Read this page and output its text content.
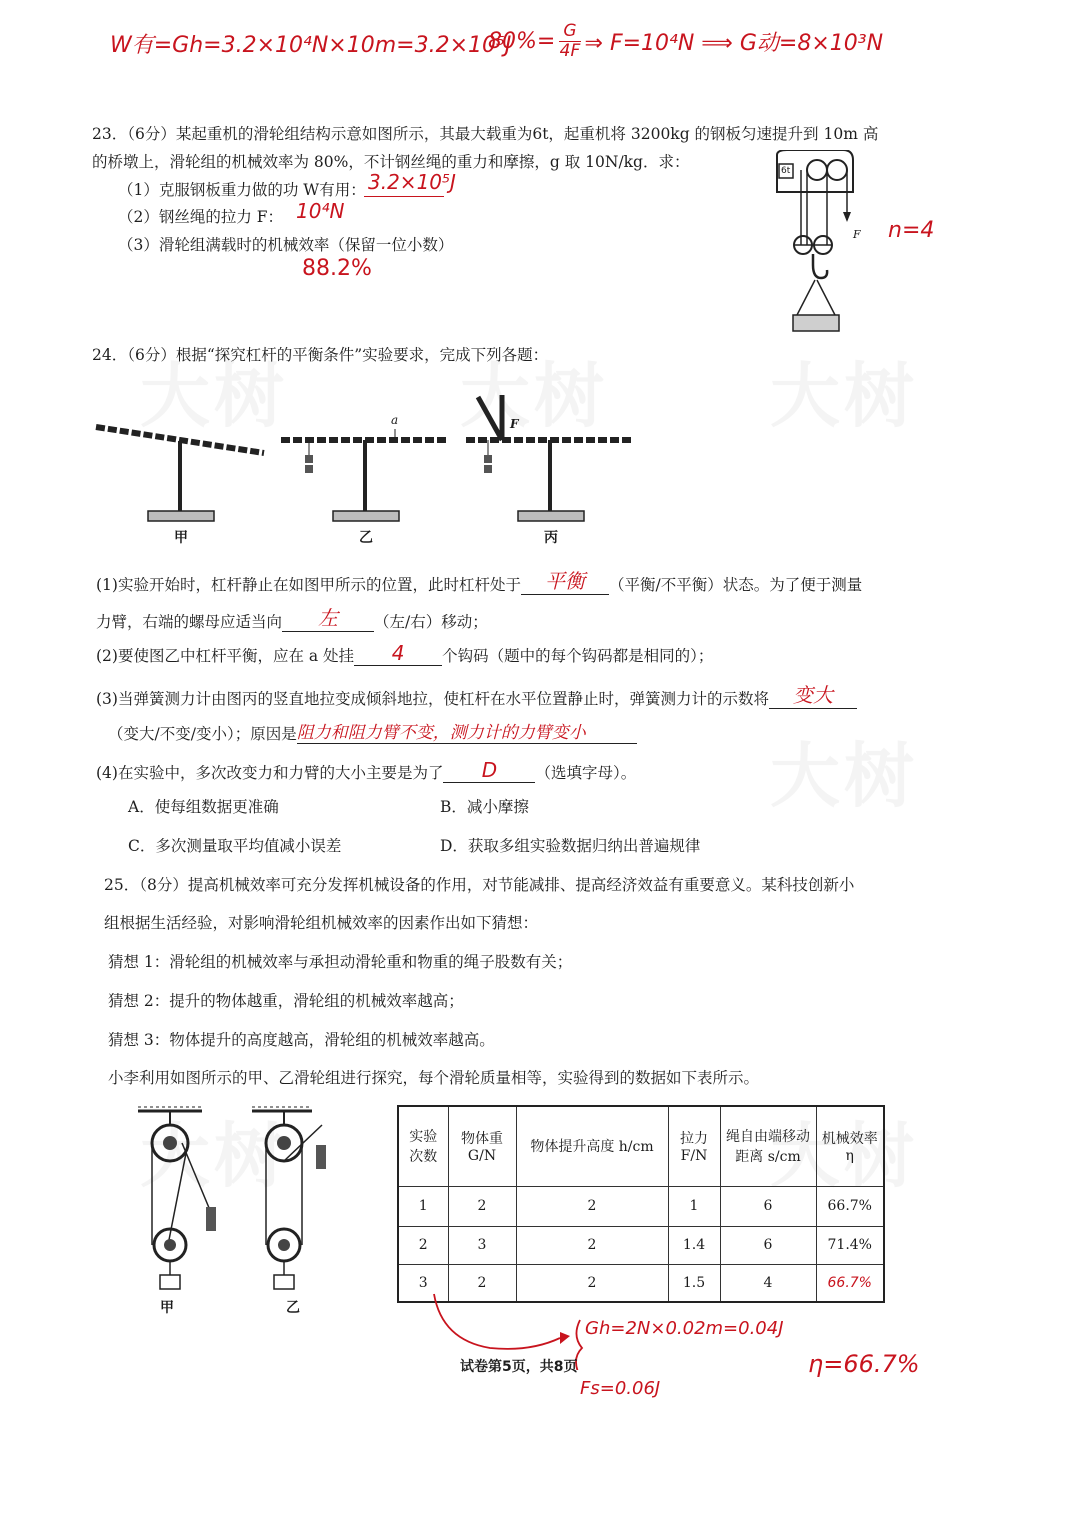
W有=Gh=3.2×10⁴N×10m=3.2×10⁵J
$80\%= \frac{G}{4F}$ ⇒ F=10⁴N ⟹ G动=8×10³N
23．（6分）某起重机的滑轮组结构示意如图所示，其最大载重为6t，起重机将 3200kg 的钢板匀速提升到 10m 高
的桥墩上，滑轮组的机械效率为 80%，不计钢丝绳的重力和摩擦，g 取 10N/kg．求：
（1）克服钢板重力做的功 W有用： 3.2×10⁵J
（2）钢丝绳的拉力 F： 10⁴N
（3）滑轮组满载时的机械效率（保留一位小数）
88.2%
6t
F n=4
24．（6分）根据“探究杠杆的平衡条件”实验要求，完成下列各题：
甲
a
乙
F
丙
(1)实验开始时，杠杆静止在如图甲所示的位置，此时杠杆处于 平衡 （平衡/不平衡）状态。为了便于测量
力臂，右端的螺母应适当向 左 （左/右）移动；
(2)要使图乙中杠杆平衡，应在 a 处挂 4 个钩码（题中的每个钩码都是相同的）；
(3)当弹簧测力计由图丙的竖直地拉变成倾斜地拉，使杠杆在水平位置静止时，弹簧测力计的示数将 变大
（变大/不变/变小）；原因是阻力和阻力臂不变，测力计的力臂变小
(4)在实验中，多次改变力和力臂的大小主要是为了 D （选填字母）。
A．使每组数据更准确	B．减小摩擦
C．多次测量取平均值减小误差	D．获取多组实验数据归纳出普遍规律
25．（8分）提高机械效率可充分发挥机械设备的作用，对节能减排、提高经济效益有重要意义。某科技创新小
组根据生活经验，对影响滑轮组机械效率的因素作出如下猜想：
猜想 1：滑轮组的机械效率与承担动滑轮重和物重的绳子股数有关；
猜想 2：提升的物体越重，滑轮组的机械效率越高；
猜想 3：物体提升的高度越高，滑轮组的机械效率越高。
小李利用如图所示的甲、乙滑轮组进行探究，每个滑轮质量相等，实验得到的数据如下表所示。
甲	乙
实验次数	物体重 G/N	物体提升高度 h/cm	拉力 F/N	绳自由端移动距离 s/cm	机械效率η
1	2	2	1	6	66.7%
2	3	2	1.4	6	71.4%
3	2	2	1.5	4	66.7%
Gh=2N×0.02m=0.04J
Fs=0.06J
η=66.7%
试卷第5页，共8页
